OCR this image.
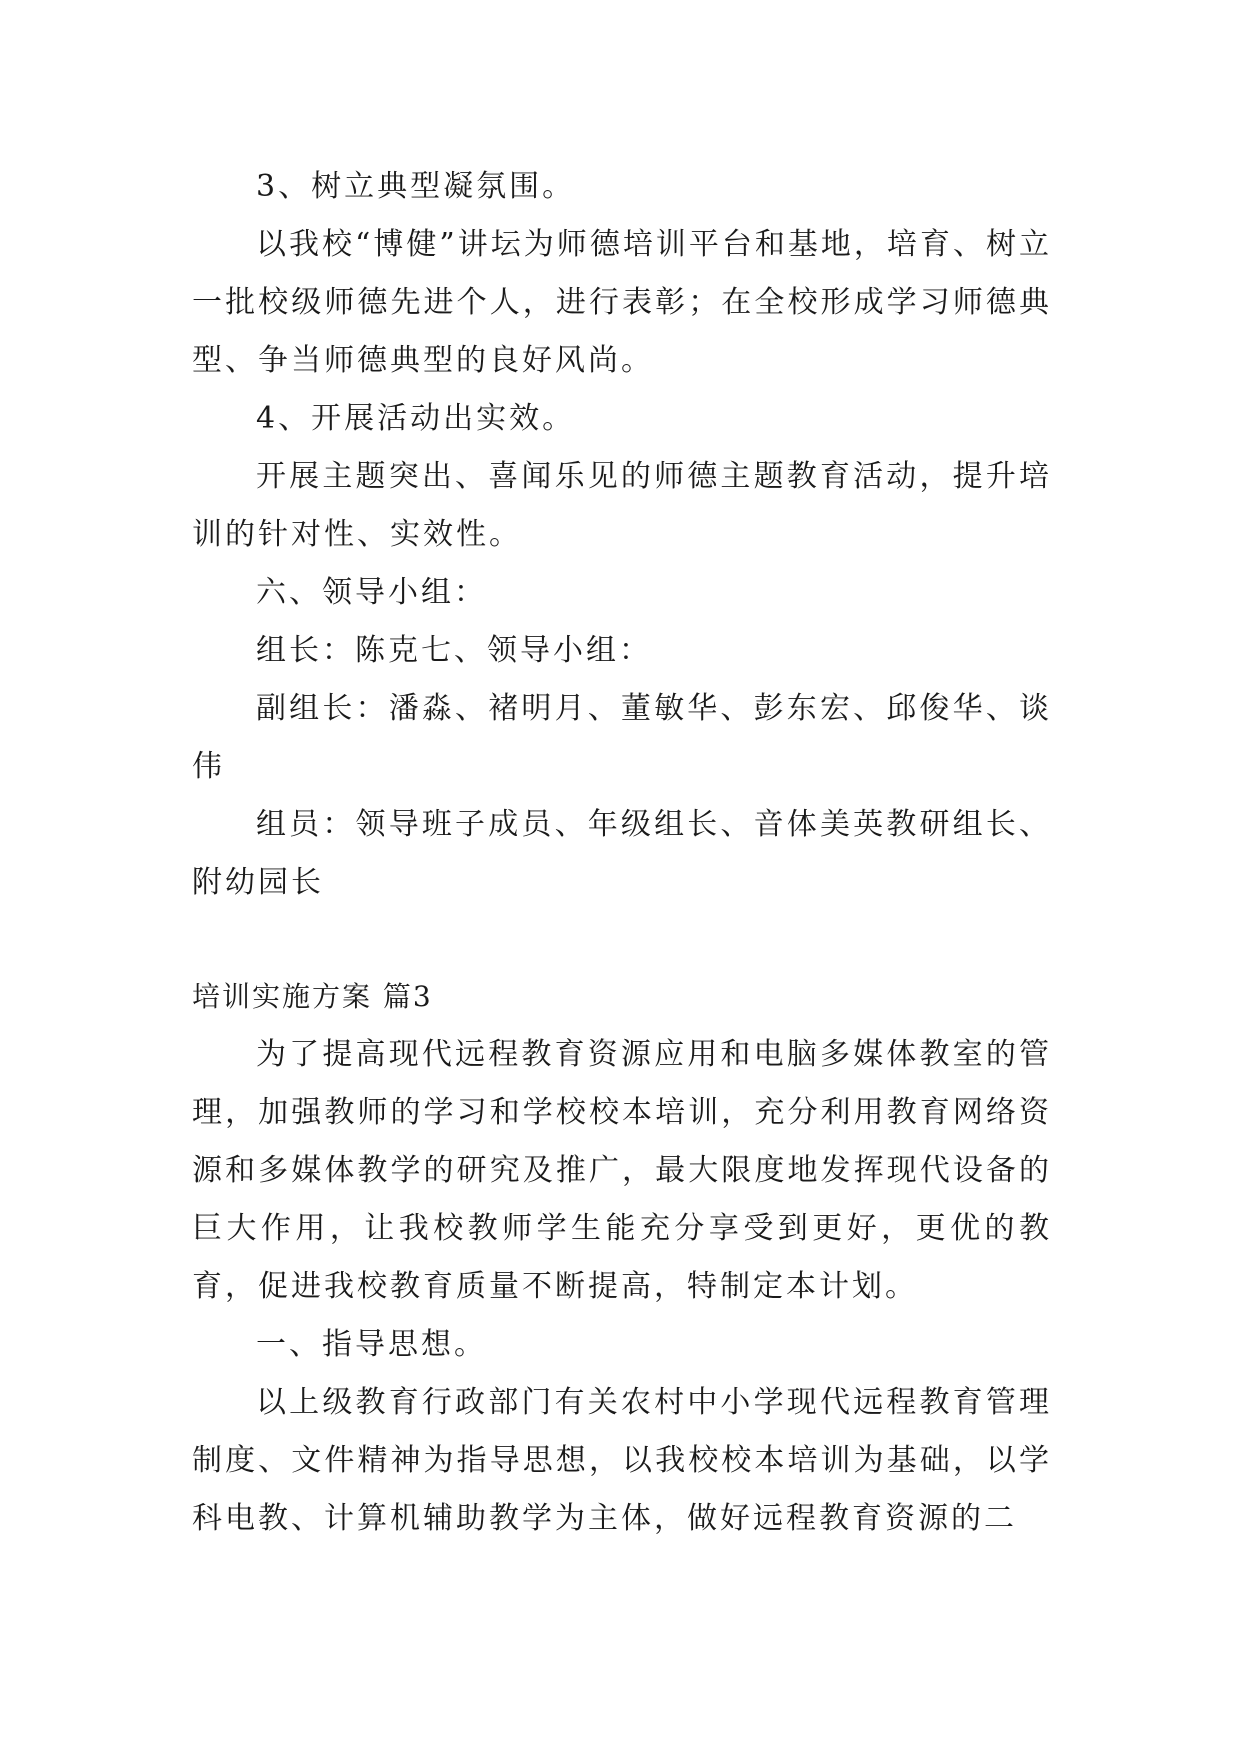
3、树立典型凝氛围。

以我校“博健”讲坛为师德培训平台和基地，培育、树立一批校级师德先进个人，进行表彰；在全校形成学习师德典型、争当师德典型的良好风尚。

4、开展活动出实效。

开展主题突出、喜闻乐见的师德主题教育活动，提升培训的针对性、实效性。

六、领导小组：

组长：陈克七、领导小组：

副组长：潘淼、褚明月、董敏华、彭东宏、邱俊华、谈伟

组员：领导班子成员、年级组长、音体美英教研组长、附幼园长

培训实施方案 篇3

为了提高现代远程教育资源应用和电脑多媒体教室的管理，加强教师的学习和学校校本培训，充分利用教育网络资源和多媒体教学的研究及推广，最大限度地发挥现代设备的巨大作用，让我校教师学生能充分享受到更好，更优的教育，促进我校教育质量不断提高，特制定本计划。

一、指导思想。

以上级教育行政部门有关农村中小学现代远程教育管理制度、文件精神为指导思想，以我校校本培训为基础，以学科电教、计算机辅助教学为主体，做好远程教育资源的二
